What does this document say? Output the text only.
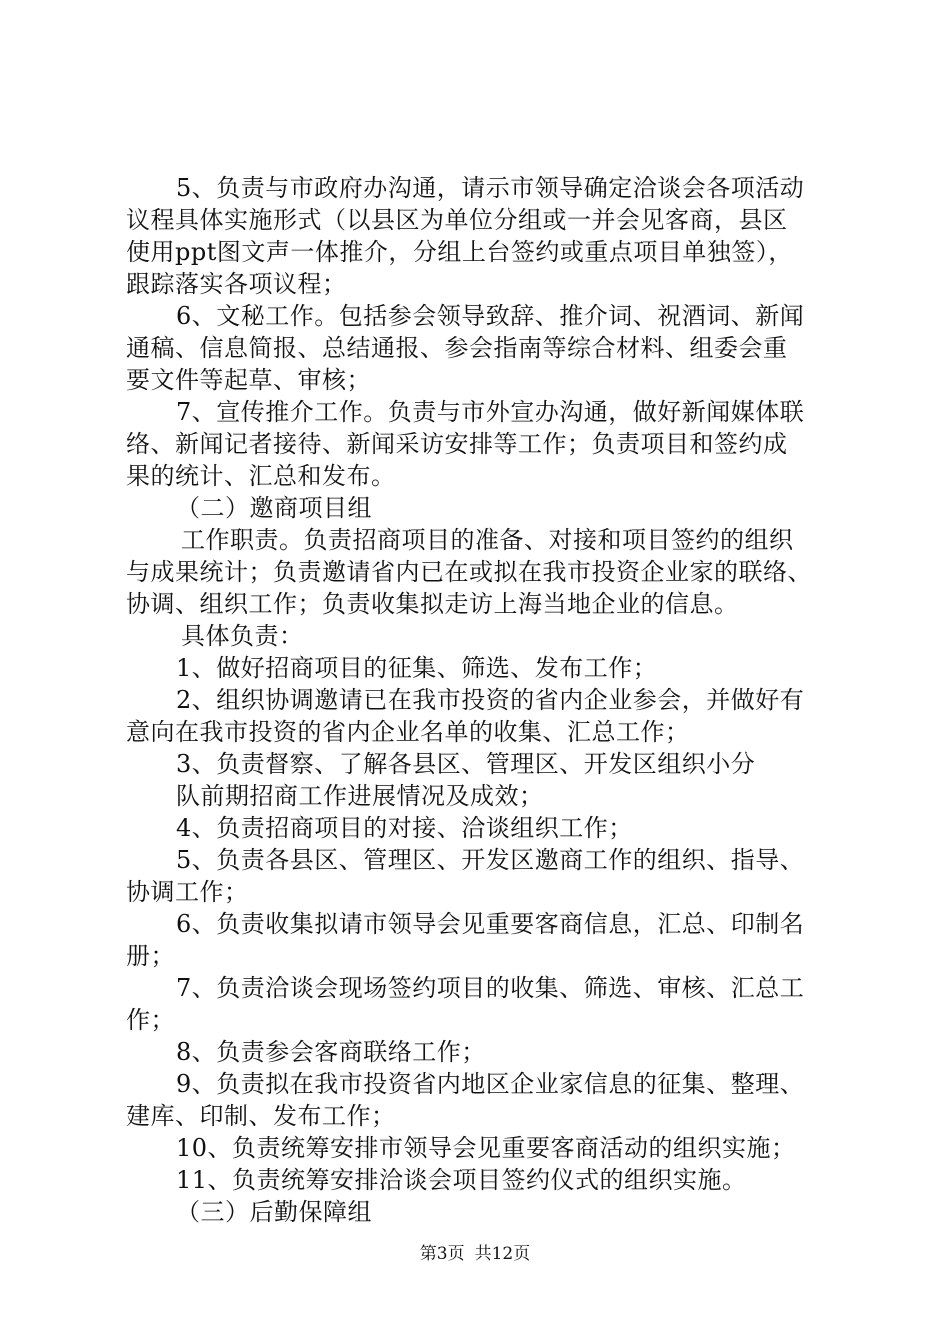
5、负责与市政府办沟通，请示市领导确定洽谈会各项活动
议程具体实施形式（以县区为单位分组或一并会见客商，县区
使用ppt图文声一体推介，分组上台签约或重点项目单独签），
跟踪落实各项议程；
6、文秘工作。包括参会领导致辞、推介词、祝酒词、新闻
通稿、信息简报、总结通报、参会指南等综合材料、组委会重
要文件等起草、审核；
7、宣传推介工作。负责与市外宣办沟通，做好新闻媒体联
络、新闻记者接待、新闻采访安排等工作；负责项目和签约成
果的统计、汇总和发布。
（二）邀商项目组
工作职责。负责招商项目的准备、对接和项目签约的组织
与成果统计；负责邀请省内已在或拟在我市投资企业家的联络、
协调、组织工作；负责收集拟走访上海当地企业的信息。
具体负责：
1、做好招商项目的征集、筛选、发布工作；
2、组织协调邀请已在我市投资的省内企业参会，并做好有
意向在我市投资的省内企业名单的收集、汇总工作；
3、负责督察、了解各县区、管理区、开发区组织小分
队前期招商工作进展情况及成效；
4、负责招商项目的对接、洽谈组织工作；
5、负责各县区、管理区、开发区邀商工作的组织、指导、
协调工作；
6、负责收集拟请市领导会见重要客商信息，汇总、印制名
册；
7、负责洽谈会现场签约项目的收集、筛选、审核、汇总工
作；
8、负责参会客商联络工作；
9、负责拟在我市投资省内地区企业家信息的征集、整理、
建库、印制、发布工作；
10、负责统筹安排市领导会见重要客商活动的组织实施；
11、负责统筹安排洽谈会项目签约仪式的组织实施。
（三）后勤保障组
第3页 共12页
